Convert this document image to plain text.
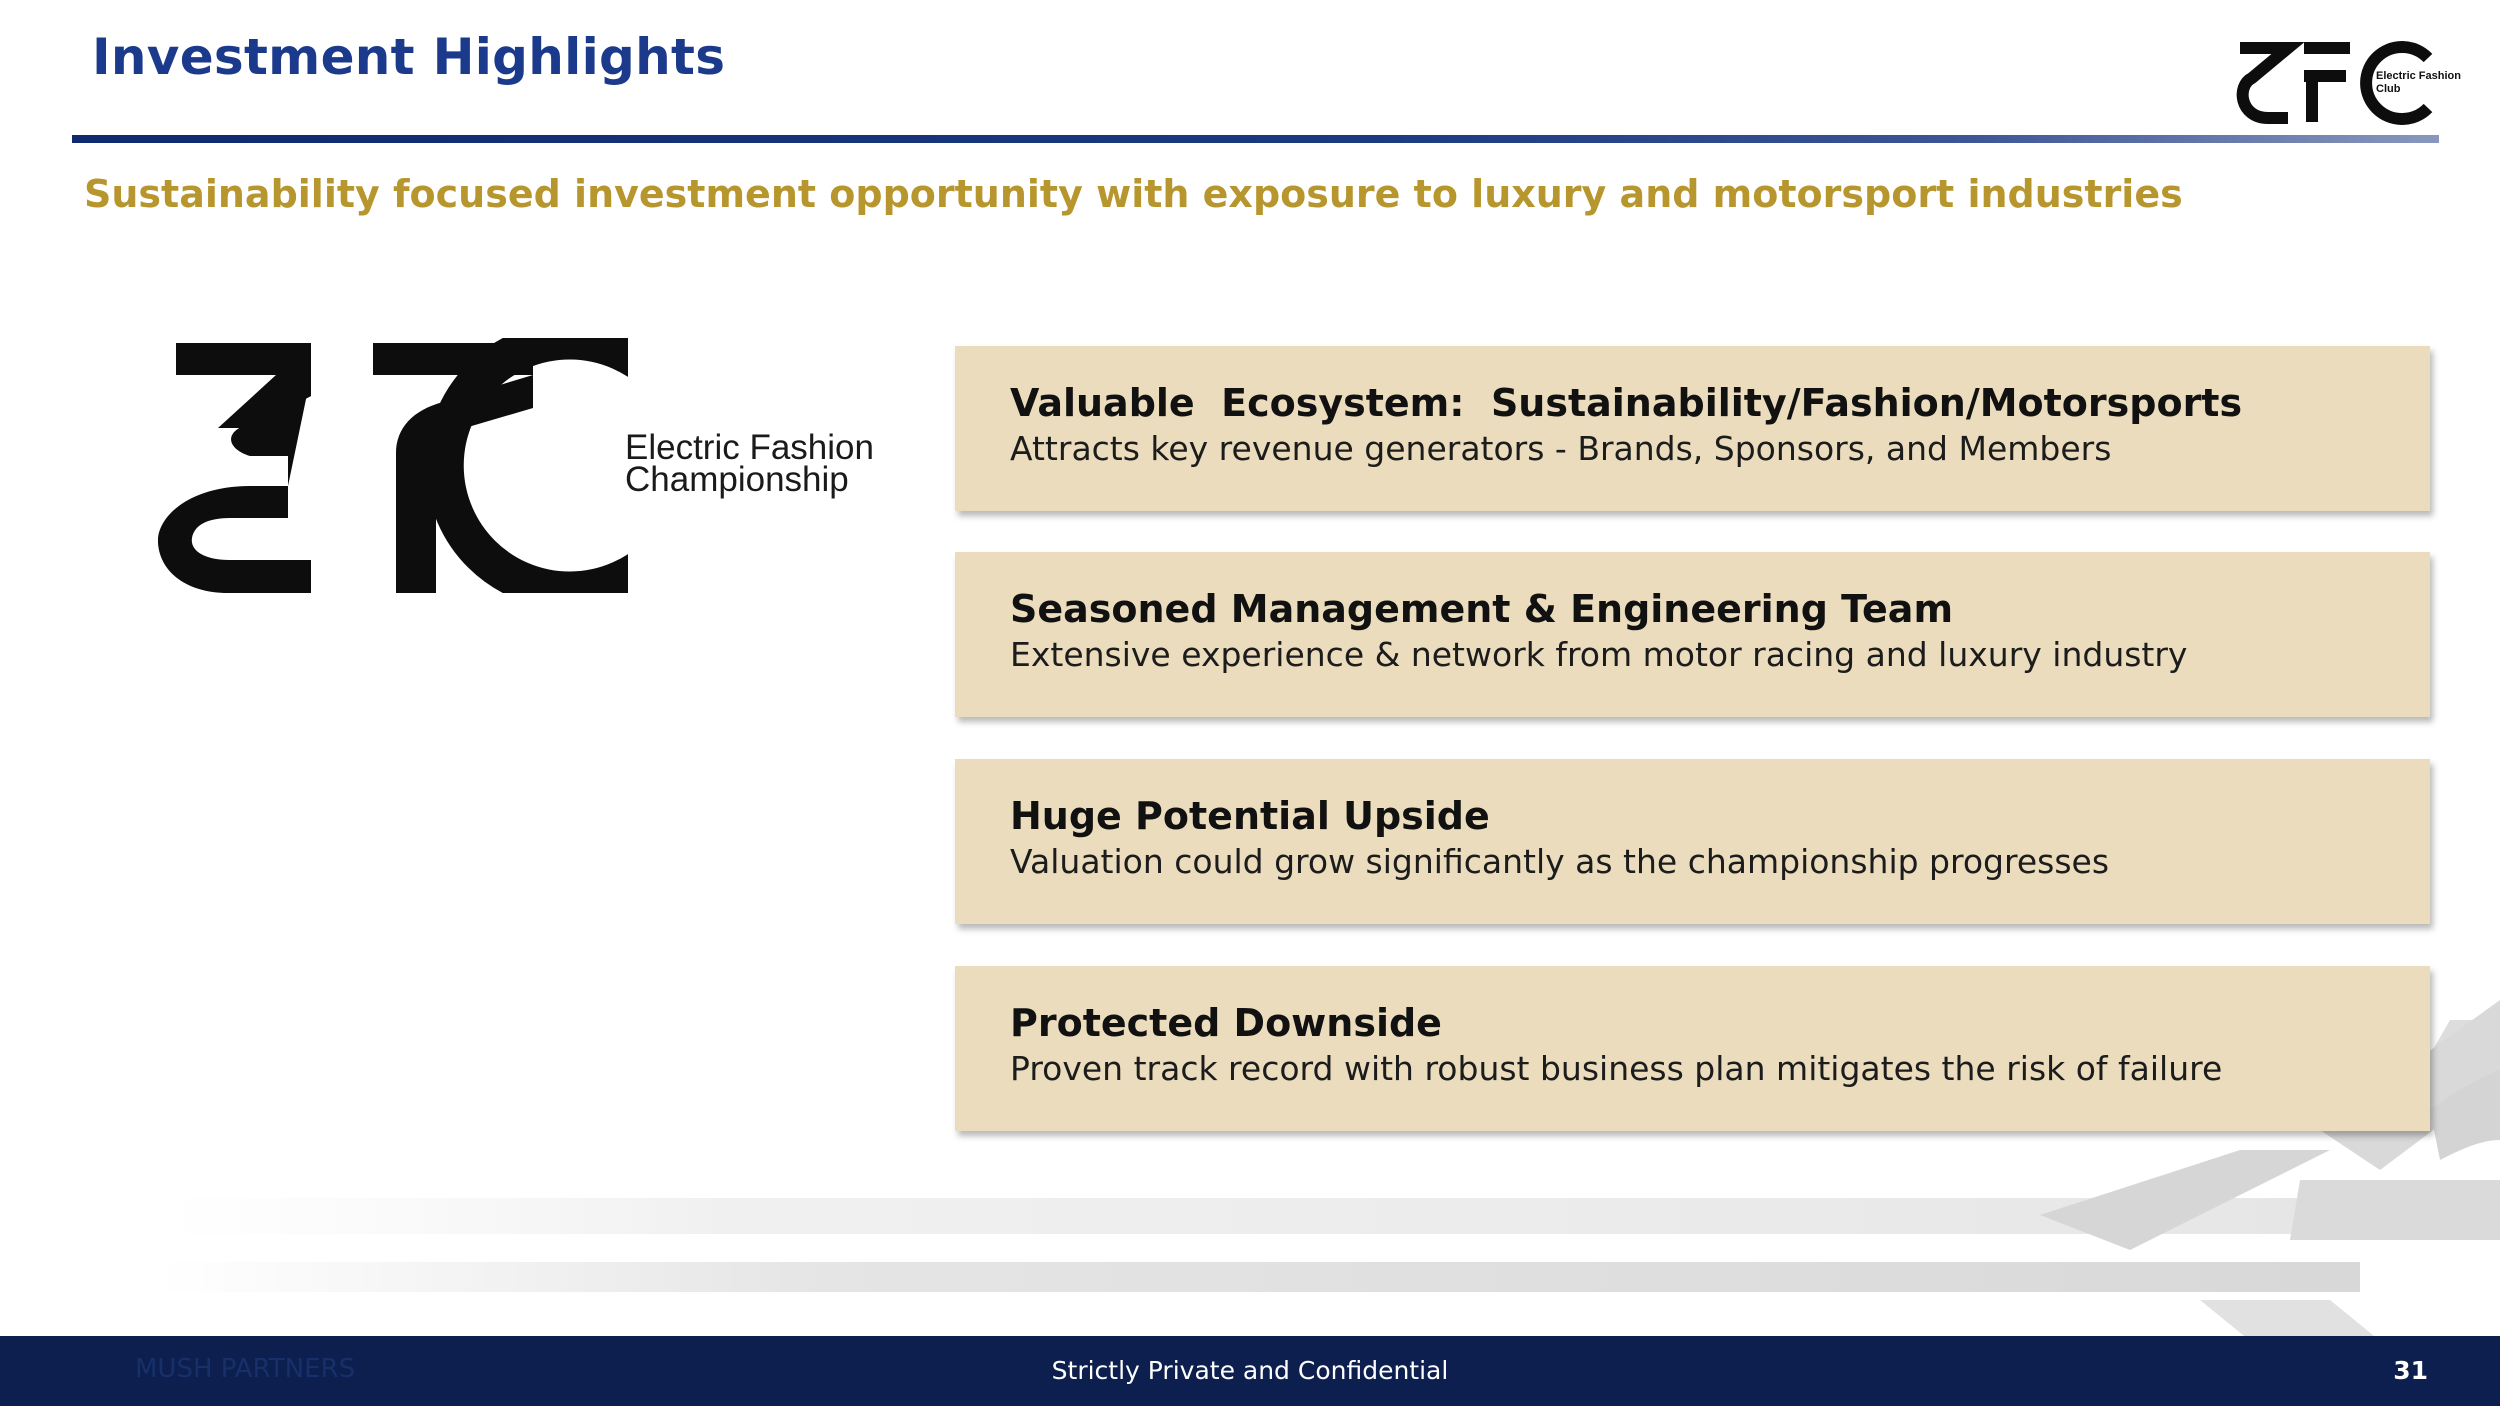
Investment Highlights
Sustainability focused investment opportunity with exposure to luxury and motorsport industries
Electric Fashion Club
Electric Fashion
Championship
Valuable  Ecosystem:  Sustainability/Fashion/Motorsports
Attracts key revenue generators - Brands, Sponsors, and Members
Seasoned Management & Engineering Team
Extensive experience & network from motor racing and luxury industry
Huge Potential Upside
Valuation could grow significantly as the championship progresses
Protected Downside
Proven track record with robust business plan mitigates the risk of failure
MUSH PARTNERS	Strictly Private and Confidential	31
